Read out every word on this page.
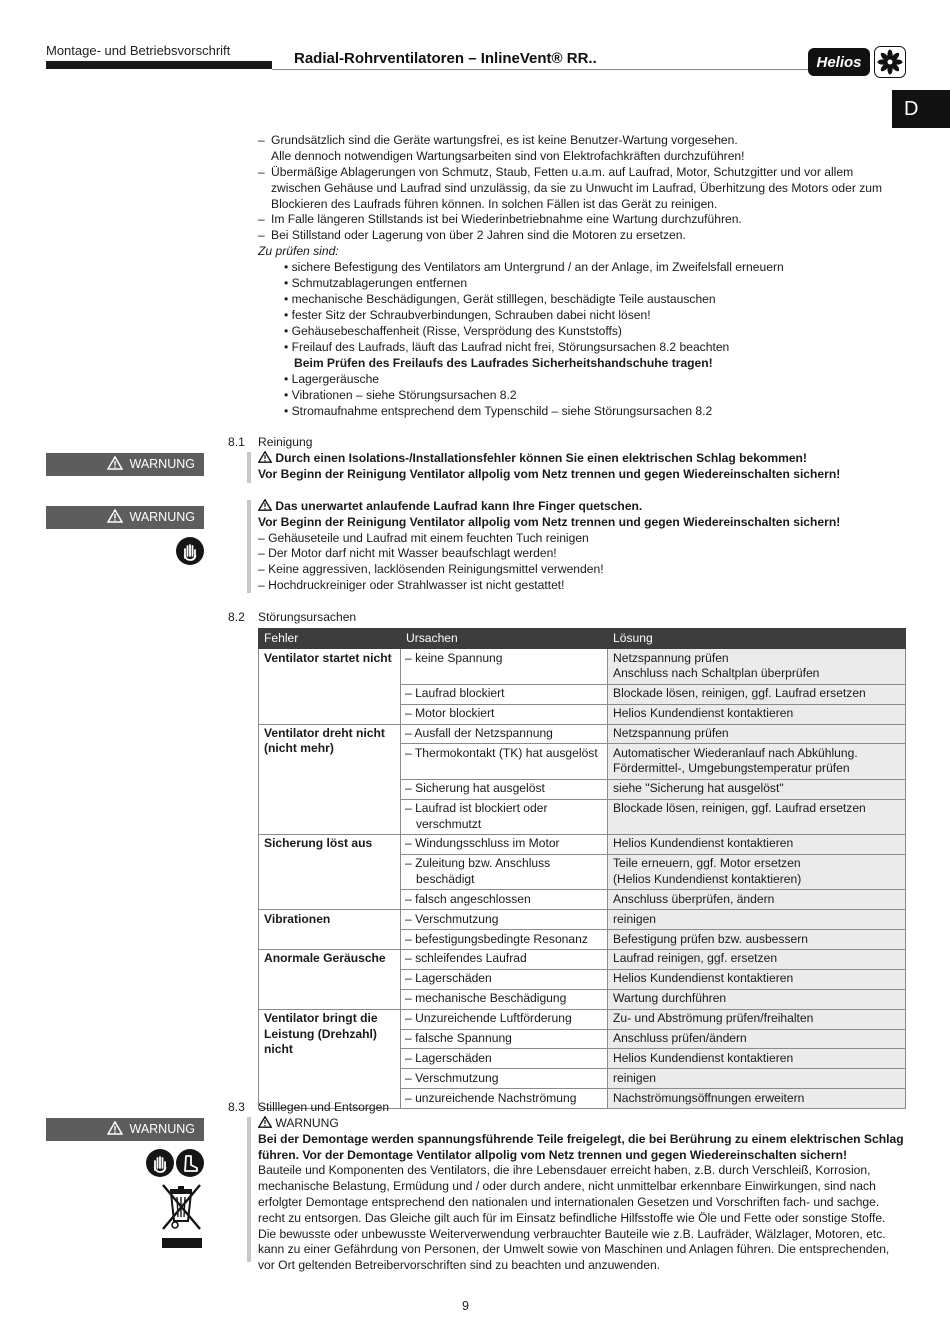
Montage- und Betriebsvorschrift	Radial-Rohrventilatoren – InlineVent® RR..	Helios
D
– Grundsätzlich sind die Geräte wartungsfrei, es ist keine Benutzer-Wartung vorgesehen.
Alle dennoch notwendigen Wartungsarbeiten sind von Elektrofachkräften durchzuführen!
– Übermäßige Ablagerungen von Schmutz, Staub, Fetten u.a.m. auf Laufrad, Motor, Schutzgitter und vor allem zwischen Gehäuse und Laufrad sind unzulässig, da sie zu Unwucht im Laufrad, Überhitzung des Motors oder zum Blockieren des Laufrads führen können. In solchen Fällen ist das Gerät zu reinigen.
– Im Falle längeren Stillstands ist bei Wiederinbetriebnahme eine Wartung durchzuführen.
– Bei Stillstand oder Lagerung von über 2 Jahren sind die Motoren zu ersetzen.
Zu prüfen sind:
• sichere Befestigung des Ventilators am Untergrund / an der Anlage, im Zweifelsfall erneuern
• Schmutzablagerungen entfernen
• mechanische Beschädigungen, Gerät stilllegen, beschädigte Teile austauschen
• fester Sitz der Schraubverbindungen, Schrauben dabei nicht lösen!
• Gehäusebeschaffenheit (Risse, Versprödung des Kunststoffs)
• Freilauf des Laufrads, läuft das Laufrad nicht frei, Störungsursachen 8.2 beachten
Beim Prüfen des Freilaufs des Laufrades Sicherheitshandschuhe tragen!
• Lagergeräusche
• Vibrationen – siehe Störungsursachen 8.2
• Stromaufnahme entsprechend dem Typenschild – siehe Störungsursachen 8.2
8.1 Reinigung
WARNUNG	Durch einen Isolations-/Installationsfehler können Sie einen elektrischen Schlag bekommen!
Vor Beginn der Reinigung Ventilator allpolig vom Netz trennen und gegen Wiedereinschalten sichern!
WARNUNG
Das unerwartet anlaufende Laufrad kann Ihre Finger quetschen.
Vor Beginn der Reinigung Ventilator allpolig vom Netz trennen und gegen Wiedereinschalten sichern!
– Gehäuseteile und Laufrad mit einem feuchten Tuch reinigen
– Der Motor darf nicht mit Wasser beaufschlagt werden!
– Keine aggressiven, lacklösenden Reinigungsmittel verwenden!
– Hochdruckreiniger oder Strahlwasser ist nicht gestattet!
8.2 Störungsursachen
Fehler	Ursachen	Lösung
Ventilator startet nicht	– keine Spannung	Netzspannung prüfen
Anschluss nach Schaltplan überprüfen
	– Laufrad blockiert	Blockade lösen, reinigen, ggf. Laufrad ersetzen
	– Motor blockiert	Helios Kundendienst kontaktieren
Ventilator dreht nicht (nicht mehr)	– Ausfall der Netzspannung	Netzspannung prüfen
	– Thermokontakt (TK) hat ausgelöst	Automatischer Wiederanlauf nach Abkühlung. Fördermittel-, Umgebungstemperatur prüfen
	– Sicherung hat ausgelöst	siehe "Sicherung hat ausgelöst"

	– Laufrad ist blockiert oder verschmutzt	Blockade lösen, reinigen, ggf. Laufrad ersetzen
Sicherung löst aus	– Windungsschluss im Motor	Helios Kundendienst kontaktieren

	– Zuleitung bzw. Anschluss beschädigt	Teile erneuern, ggf. Motor ersetzen
(Helios Kundendienst kontaktieren)
	– falsch angeschlossen	Anschluss überprüfen, ändern
Vibrationen	– Verschmutzung	reinigen
	– befestigungsbedingte Resonanz	Befestigung prüfen bzw. ausbessern
Anormale Geräusche	– schleifendes Laufrad	Laufrad reinigen, ggf. ersetzen
	– Lagerschäden	Helios Kundendienst kontaktieren
	– mechanische Beschädigung	Wartung durchführen
Ventilator bringt die Leistung (Drehzahl) nicht	– Unzureichende Luftförderung	Zu- und Abströmung prüfen/freihalten
	– falsche Spannung	Anschluss prüfen/ändern
	– Lagerschäden	Helios Kundendienst kontaktieren
	– Verschmutzung	reinigen
	– unzureichende Nachströmung	Nachströmungsöffnungen erweitern
8.3 Stilllegen und Entsorgen
WARNUNG	WARNUNG
Bei der Demontage werden spannungsführende Teile freigelegt, die bei Berührung zu einem elektrischen Schlag führen. Vor der Demontage Ventilator allpolig vom Netz trennen und gegen Wiedereinschalten sichern!
Bauteile und Komponenten des Ventilators, die ihre Lebensdauer erreicht haben, z.B. durch Verschleiß, Korrosion, mechanische Belastung, Ermüdung und / oder durch andere, nicht unmittelbar erkennbare Einwirkungen, sind nach erfolgter Demontage entsprechend den nationalen und internationalen Gesetzen und Vorschriften fach- und sachge. recht zu entsorgen. Das Gleiche gilt auch für im Einsatz befindliche Hilfsstoffe wie Öle und Fette oder sonstige Stoffe. Die bewusste oder unbewusste Weiterverwendung verbrauchter Bauteile wie z.B. Laufräder, Wälzlager, Motoren, etc. kann zu einer Gefährdung von Personen, der Umwelt sowie von Maschinen und Anlagen führen. Die entsprechenden, vor Ort geltenden Betreibervorschriften sind zu beachten und anzuwenden.
9
